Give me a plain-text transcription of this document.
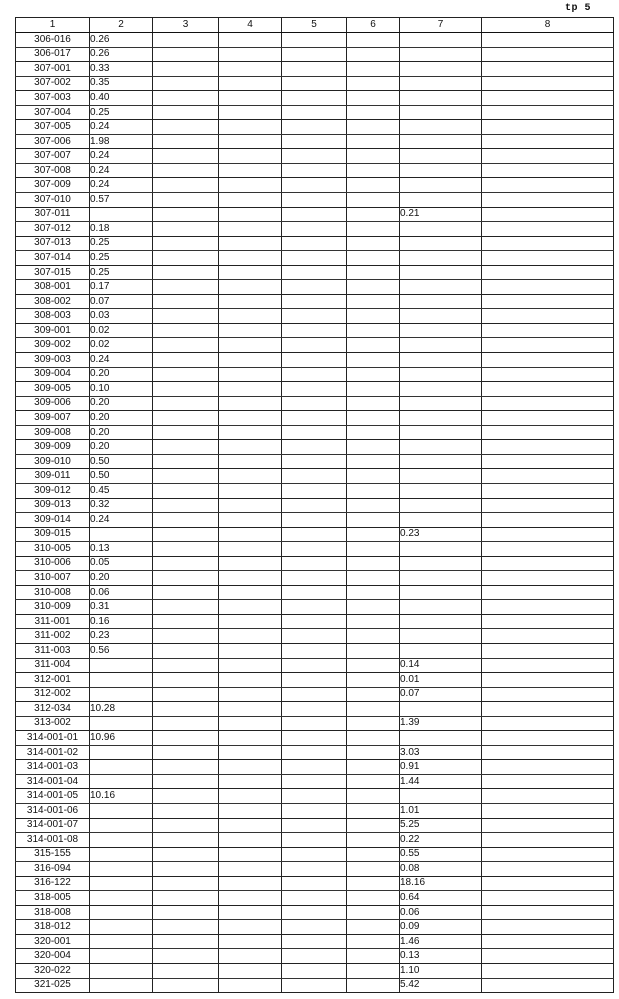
tp 5
1	2	3	4	5	6	7	8
306-016	0.26						
306-017	0.26						
307-001	0.33						
307-002	0.35						
307-003	0.40						
307-004	0.25						
307-005	0.24						
307-006	1.98						
307-007	0.24						
307-008	0.24						
307-009	0.24						
307-010	0.57						
307-011						0.21	
307-012	0.18						
307-013	0.25						
307-014	0.25						
307-015	0.25						
308-001	0.17						
308-002	0.07						
308-003	0.03						
309-001	0.02						
309-002	0.02						
309-003	0.24						
309-004	0.20						
309-005	0.10						
309-006	0.20						
309-007	0.20						
309-008	0.20						
309-009	0.20						
309-010	0.50						
309-011	0.50						
309-012	0.45						
309-013	0.32						
309-014	0.24						
309-015						0.23	
310-005	0.13						
310-006	0.05						
310-007	0.20						
310-008	0.06						
310-009	0.31						
311-001	0.16						
311-002	0.23						
311-003	0.56						
311-004						0.14	
312-001						0.01	
312-002						0.07	
312-034	10.28						
313-002						1.39	
314-001-01	10.96						
314-001-02						3.03	
314-001-03						0.91	
314-001-04						1.44	
314-001-05	10.16						
314-001-06						1.01	
314-001-07						5.25	
314-001-08						0.22	
315-155						0.55	
316-094						0.08	
316-122						18.16	
318-005						0.64	
318-008						0.06	
318-012						0.09	
320-001						1.46	
320-004						0.13	
320-022						1.10	
321-025						5.42	
